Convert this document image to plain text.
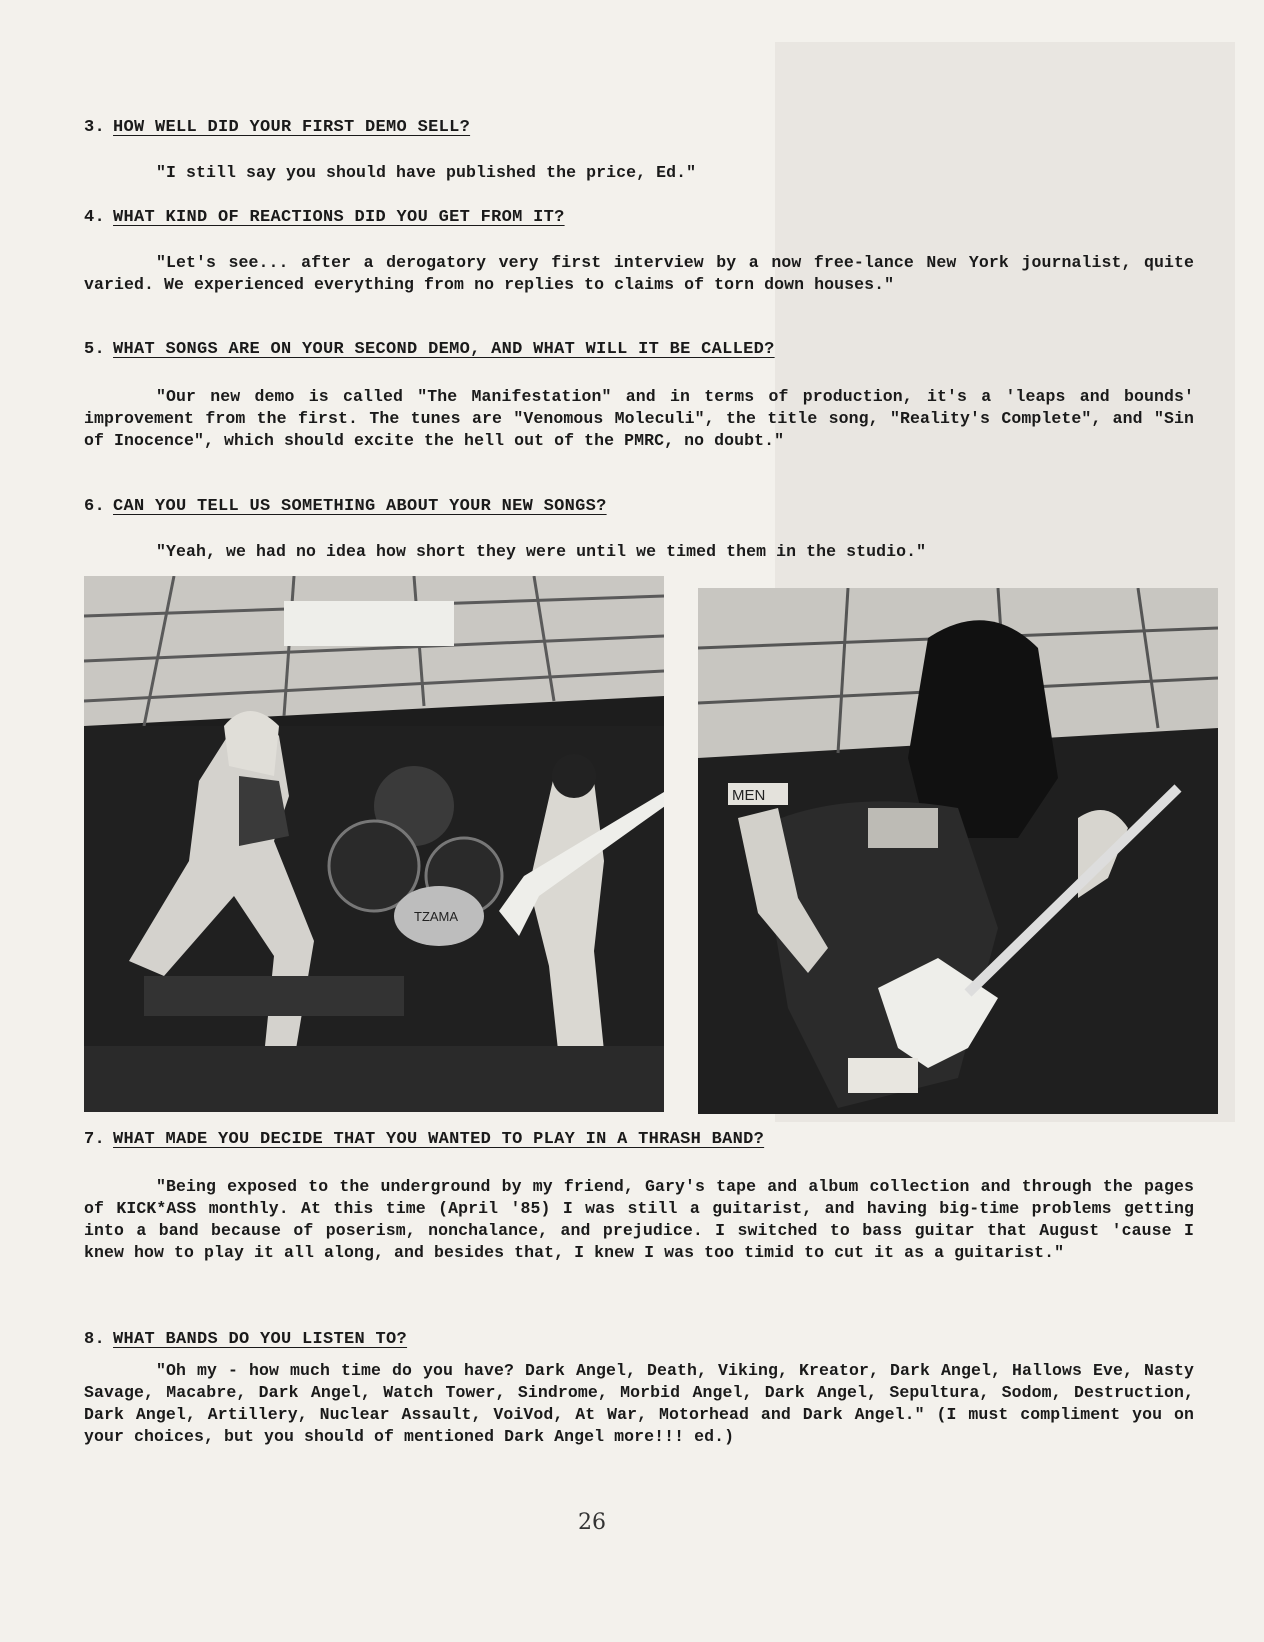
3. HOW WELL DID YOUR FIRST DEMO SELL?

"I still say you should have published the price, Ed."

4. WHAT KIND OF REACTIONS DID YOU GET FROM IT?

"Let's see... after a derogatory very first interview by a now free-lance New York journalist, quite varied. We experienced everything from no replies to claims of torn down houses."

5. WHAT SONGS ARE ON YOUR SECOND DEMO, AND WHAT WILL IT BE CALLED?

"Our new demo is called "The Manifestation" and in terms of production, it's a 'leaps and bounds' improvement from the first. The tunes are "Venomous Moleculi", the title song, "Reality's Complete", and "Sin of Inocence", which should excite the hell out of the PMRC, no doubt."

6. CAN YOU TELL US SOMETHING ABOUT YOUR NEW SONGS?

"Yeah, we had no idea how short they were until we timed them in the studio."

TZAMA
MEN
7. WHAT MADE YOU DECIDE THAT YOU WANTED TO PLAY IN A THRASH BAND?

"Being exposed to the underground by my friend, Gary's tape and album collection and through the pages of KICK*ASS monthly. At this time (April '85) I was still a guitarist, and having big-time problems getting into a band because of poserism, nonchalance, and prejudice. I switched to bass guitar that August 'cause I knew how to play it all along, and besides that, I knew I was too timid to cut it as a guitarist."

8. WHAT BANDS DO YOU LISTEN TO?

"Oh my - how much time do you have? Dark Angel, Death, Viking, Kreator, Dark Angel, Hallows Eve, Nasty Savage, Macabre, Dark Angel, Watch Tower, Sindrome, Morbid Angel, Dark Angel, Sepultura, Sodom, Destruction, Dark Angel, Artillery, Nuclear Assault, VoiVod, At War, Motorhead and Dark Angel." (I must compliment you on your choices, but you should of mentioned Dark Angel more!!! ed.)

26
